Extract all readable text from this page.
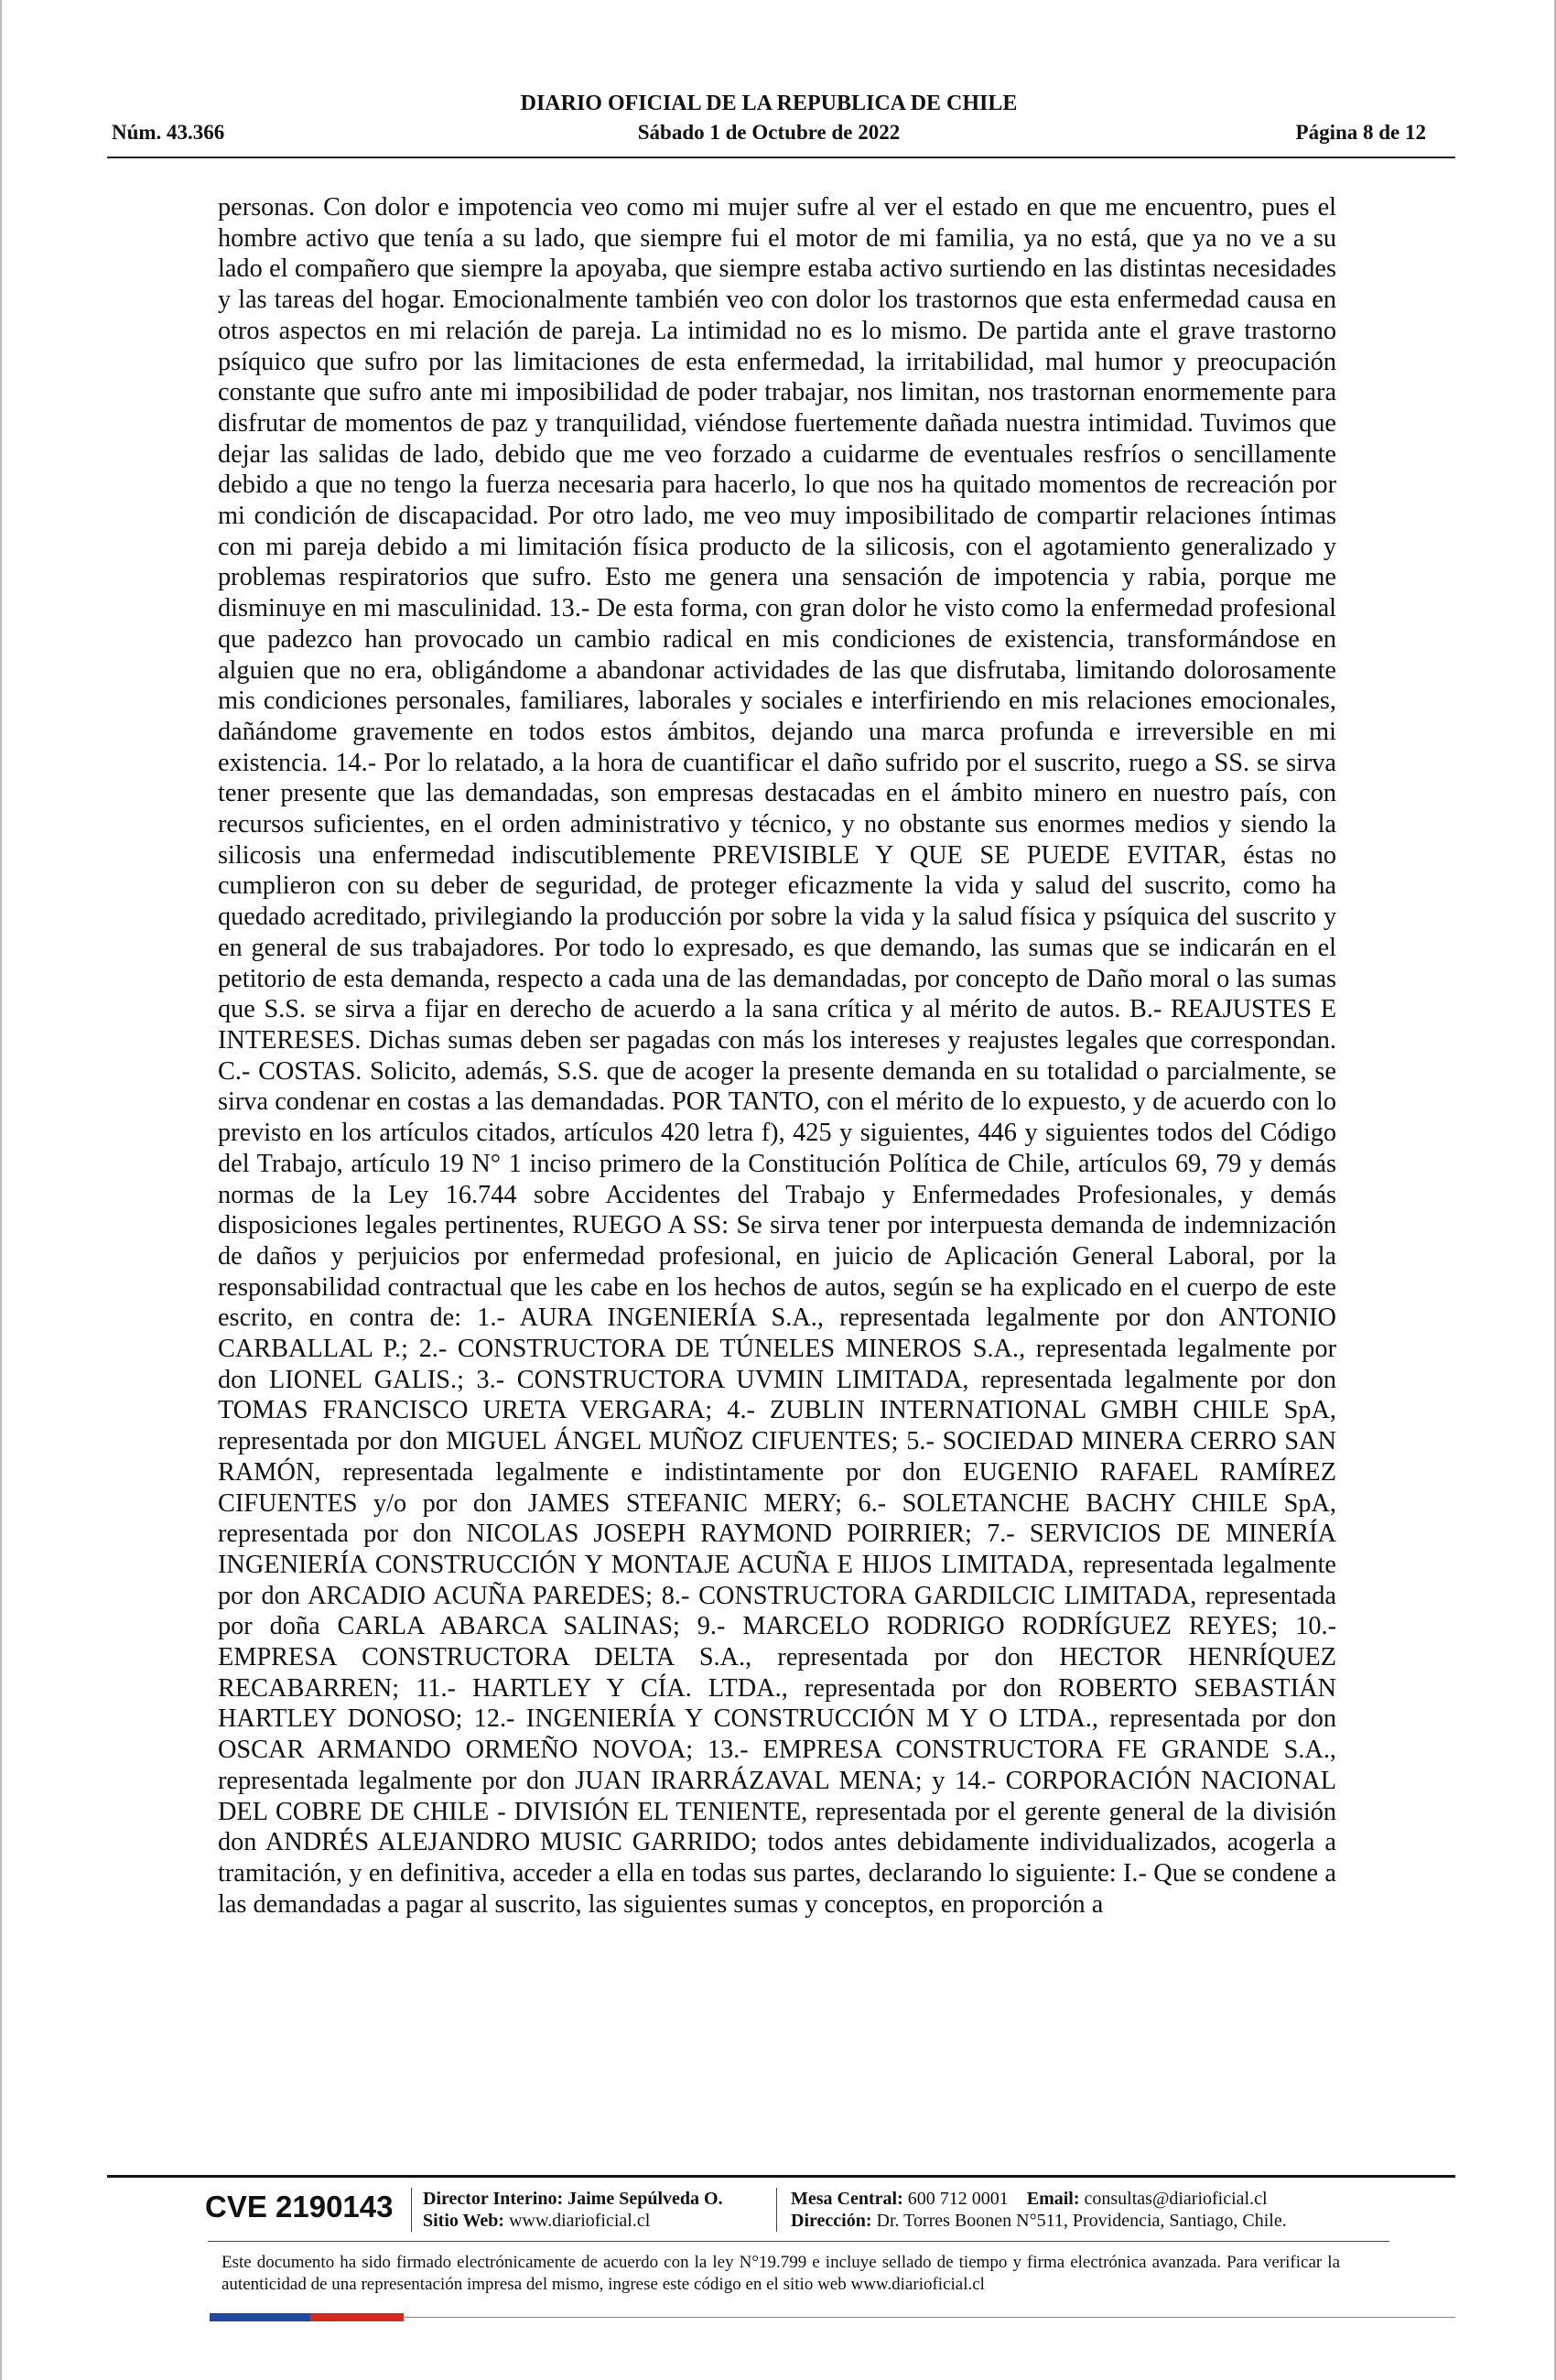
DIARIO OFICIAL DE LA REPUBLICA DE CHILE
Núm. 43.366	Sábado 1 de Octubre de 2022	Página 8 de 12

personas. Con dolor e impotencia veo como mi mujer sufre al ver el estado en que me encuentro, pues el hombre activo que tenía a su lado, que siempre fui el motor de mi familia, ya no está, que ya no ve a su lado el compañero que siempre la apoyaba, que siempre estaba activo surtiendo en las distintas necesidades y las tareas del hogar. Emocionalmente también veo con dolor los trastornos que esta enfermedad causa en otros aspectos en mi relación de pareja. La intimidad no es lo mismo. De partida ante el grave trastorno psíquico que sufro por las limitaciones de esta enfermedad, la irritabilidad, mal humor y preocupación constante que sufro ante mi imposibilidad de poder trabajar, nos limitan, nos trastornan enormemente para disfrutar de momentos de paz y tranquilidad, viéndose fuertemente dañada nuestra intimidad. Tuvimos que dejar las salidas de lado, debido que me veo forzado a cuidarme de eventuales resfríos o sencillamente debido a que no tengo la fuerza necesaria para hacerlo, lo que nos ha quitado momentos de recreación por mi condición de discapacidad. Por otro lado, me veo muy imposibilitado de compartir relaciones íntimas con mi pareja debido a mi limitación física producto de la silicosis, con el agotamiento generalizado y problemas respiratorios que sufro. Esto me genera una sensación de impotencia y rabia, porque me disminuye en mi masculinidad. 13.- De esta forma, con gran dolor he visto como la enfermedad profesional que padezco han provocado un cambio radical en mis condiciones de existencia, transformándose en alguien que no era, obligándome a abandonar actividades de las que disfrutaba, limitando dolorosamente mis condiciones personales, familiares, laborales y sociales e interfiriendo en mis relaciones emocionales, dañándome gravemente en todos estos ámbitos, dejando una marca profunda e irreversible en mi existencia. 14.- Por lo relatado, a la hora de cuantificar el daño sufrido por el suscrito, ruego a SS. se sirva tener presente que las demandadas, son empresas destacadas en el ámbito minero en nuestro país, con recursos suficientes, en el orden administrativo y técnico, y no obstante sus enormes medios y siendo la silicosis una enfermedad indiscutiblemente PREVISIBLE Y QUE SE PUEDE EVITAR, éstas no cumplieron con su deber de seguridad, de proteger eficazmente la vida y salud del suscrito, como ha quedado acreditado, privilegiando la producción por sobre la vida y la salud física y psíquica del suscrito y en general de sus trabajadores. Por todo lo expresado, es que demando, las sumas que se indicarán en el petitorio de esta demanda, respecto a cada una de las demandadas, por concepto de Daño moral o las sumas que S.S. se sirva a fijar en derecho de acuerdo a la sana crítica y al mérito de autos. B.- REAJUSTES E INTERESES. Dichas sumas deben ser pagadas con más los intereses y reajustes legales que correspondan. C.- COSTAS. Solicito, además, S.S. que de acoger la presente demanda en su totalidad o parcialmente, se sirva condenar en costas a las demandadas. POR TANTO, con el mérito de lo expuesto, y de acuerdo con lo previsto en los artículos citados, artículos 420 letra f), 425 y siguientes, 446 y siguientes todos del Código del Trabajo, artículo 19 N° 1 inciso primero de la Constitución Política de Chile, artículos 69, 79 y demás normas de la Ley 16.744 sobre Accidentes del Trabajo y Enfermedades Profesionales, y demás disposiciones legales pertinentes, RUEGO A SS: Se sirva tener por interpuesta demanda de indemnización de daños y perjuicios por enfermedad profesional, en juicio de Aplicación General Laboral, por la responsabilidad contractual que les cabe en los hechos de autos, según se ha explicado en el cuerpo de este escrito, en contra de: 1.- AURA INGENIERÍA S.A., representada legalmente por don ANTONIO CARBALLAL P.; 2.- CONSTRUCTORA DE TÚNELES MINEROS S.A., representada legalmente por don LIONEL GALIS.; 3.- CONSTRUCTORA UVMIN LIMITADA, representada legalmente por don TOMAS FRANCISCO URETA VERGARA; 4.- ZUBLIN INTERNATIONAL GMBH CHILE SpA, representada por don MIGUEL ÁNGEL MUÑOZ CIFUENTES; 5.- SOCIEDAD MINERA CERRO SAN RAMÓN, representada legalmente e indistintamente por don EUGENIO RAFAEL RAMÍREZ CIFUENTES y/o por don JAMES STEFANIC MERY; 6.- SOLETANCHE BACHY CHILE SpA, representada por don NICOLAS JOSEPH RAYMOND POIRRIER; 7.- SERVICIOS DE MINERÍA INGENIERÍA CONSTRUCCIÓN Y MONTAJE ACUÑA E HIJOS LIMITADA, representada legalmente por don ARCADIO ACUÑA PAREDES; 8.- CONSTRUCTORA GARDILCIC LIMITADA, representada por doña CARLA ABARCA SALINAS; 9.- MARCELO RODRIGO RODRÍGUEZ REYES; 10.- EMPRESA CONSTRUCTORA DELTA S.A., representada por don HECTOR HENRÍQUEZ RECABARREN; 11.- HARTLEY Y CÍA. LTDA., representada por don ROBERTO SEBASTIÁN HARTLEY DONOSO; 12.- INGENIERÍA Y CONSTRUCCIÓN M Y O LTDA., representada por don OSCAR ARMANDO ORMEÑO NOVOA; 13.- EMPRESA CONSTRUCTORA FE GRANDE S.A., representada legalmente por don JUAN IRARRÁZAVAL MENA; y 14.- CORPORACIÓN NACIONAL DEL COBRE DE CHILE - DIVISIÓN EL TENIENTE, representada por el gerente general de la división don ANDRÉS ALEJANDRO MUSIC GARRIDO; todos antes debidamente individualizados, acogerla a tramitación, y en definitiva, acceder a ella en todas sus partes, declarando lo siguiente: I.- Que se condene a las demandadas a pagar al suscrito, las siguientes sumas y conceptos, en proporción a

CVE 2190143 Director Interino: Jaime Sepúlveda O.
Sitio Web: www.diarioficial.cl
Mesa Central: 600 712 0001 Email: consultas@diarioficial.cl
Dirección: Dr. Torres Boonen N°511, Providencia, Santiago, Chile.
Este documento ha sido firmado electrónicamente de acuerdo con la ley N°19.799 e incluye sellado de tiempo y firma electrónica avanzada. Para verificar la autenticidad de una representación impresa del mismo, ingrese este código en el sitio web www.diarioficial.cl
